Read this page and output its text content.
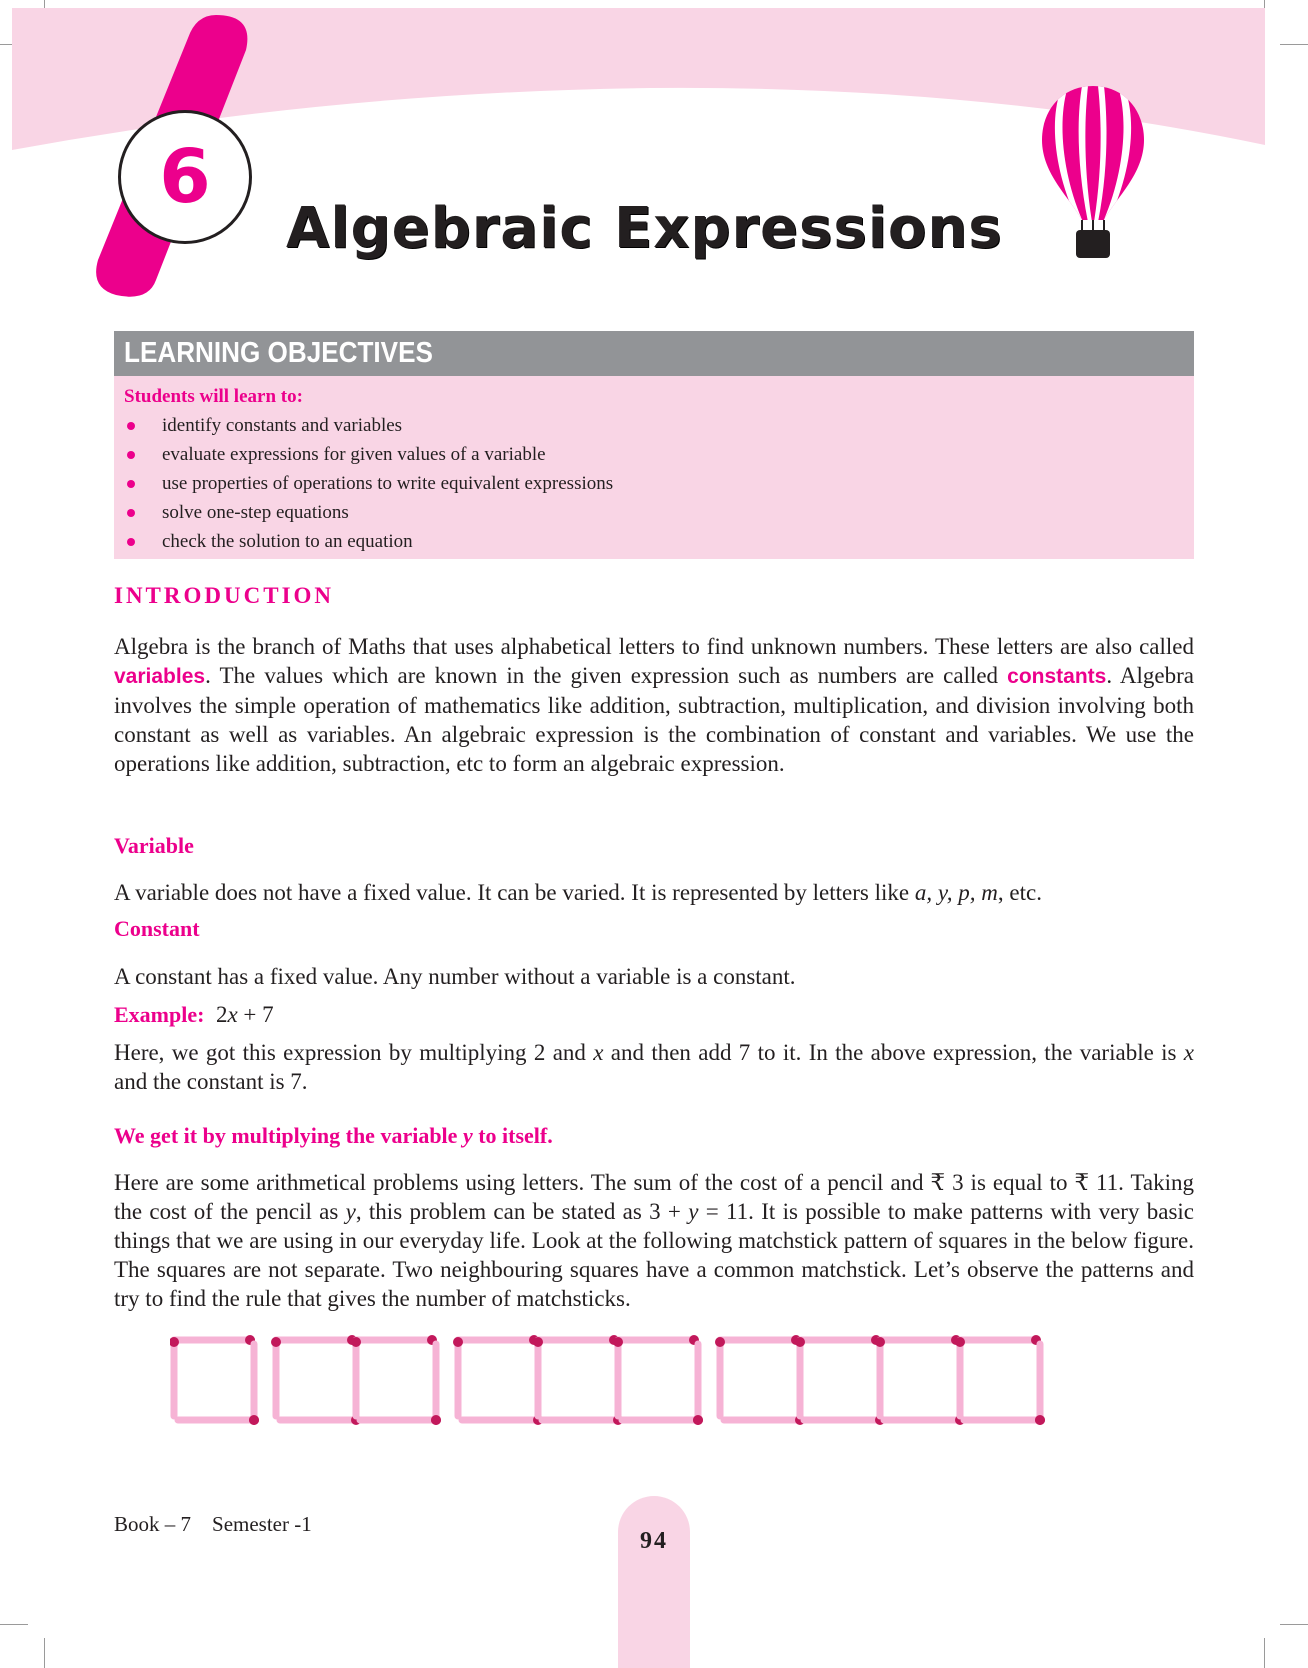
6
Algebraic Expressions
LEARNING OBJECTIVES
Students will learn to:
identify constants and variables
evaluate expressions for given values of a variable
use properties of operations to write equivalent expressions
solve one-step equations
check the solution to an equation
INTRODUCTION
Algebra is the branch of Maths that uses alphabetical letters to find unknown numbers. These letters are also called variables. The values which are known in the given expression such as numbers are called constants. Algebra involves the simple operation of mathematics like addition, subtraction, multiplication, and division involving both constant as well as variables. An algebraic expression is the combination of constant and variables. We use the operations like addition, subtraction, etc to form an algebraic expression.
Variable
A variable does not have a fixed value. It can be varied. It is represented by letters like a, y, p, m, etc.
Constant
A constant has a fixed value. Any number without a variable is a constant.
Example: 2x + 7
Here, we got this expression by multiplying 2 and x and then add 7 to it. In the above expression, the variable is x and the constant is 7.
We get it by multiplying the variable y to itself.
Here are some arithmetical problems using letters. The sum of the cost of a pencil and ₹ 3 is equal to ₹ 11. Taking the cost of the pencil as y, this problem can be stated as 3 + y = 11. It is possible to make patterns with very basic things that we are using in our everyday life. Look at the following matchstick pattern of squares in the below figure. The squares are not separate. Two neighbouring squares have a common matchstick. Let’s observe the patterns and try to find the rule that gives the number of matchsticks.
Book – 7 Semester -1
94
